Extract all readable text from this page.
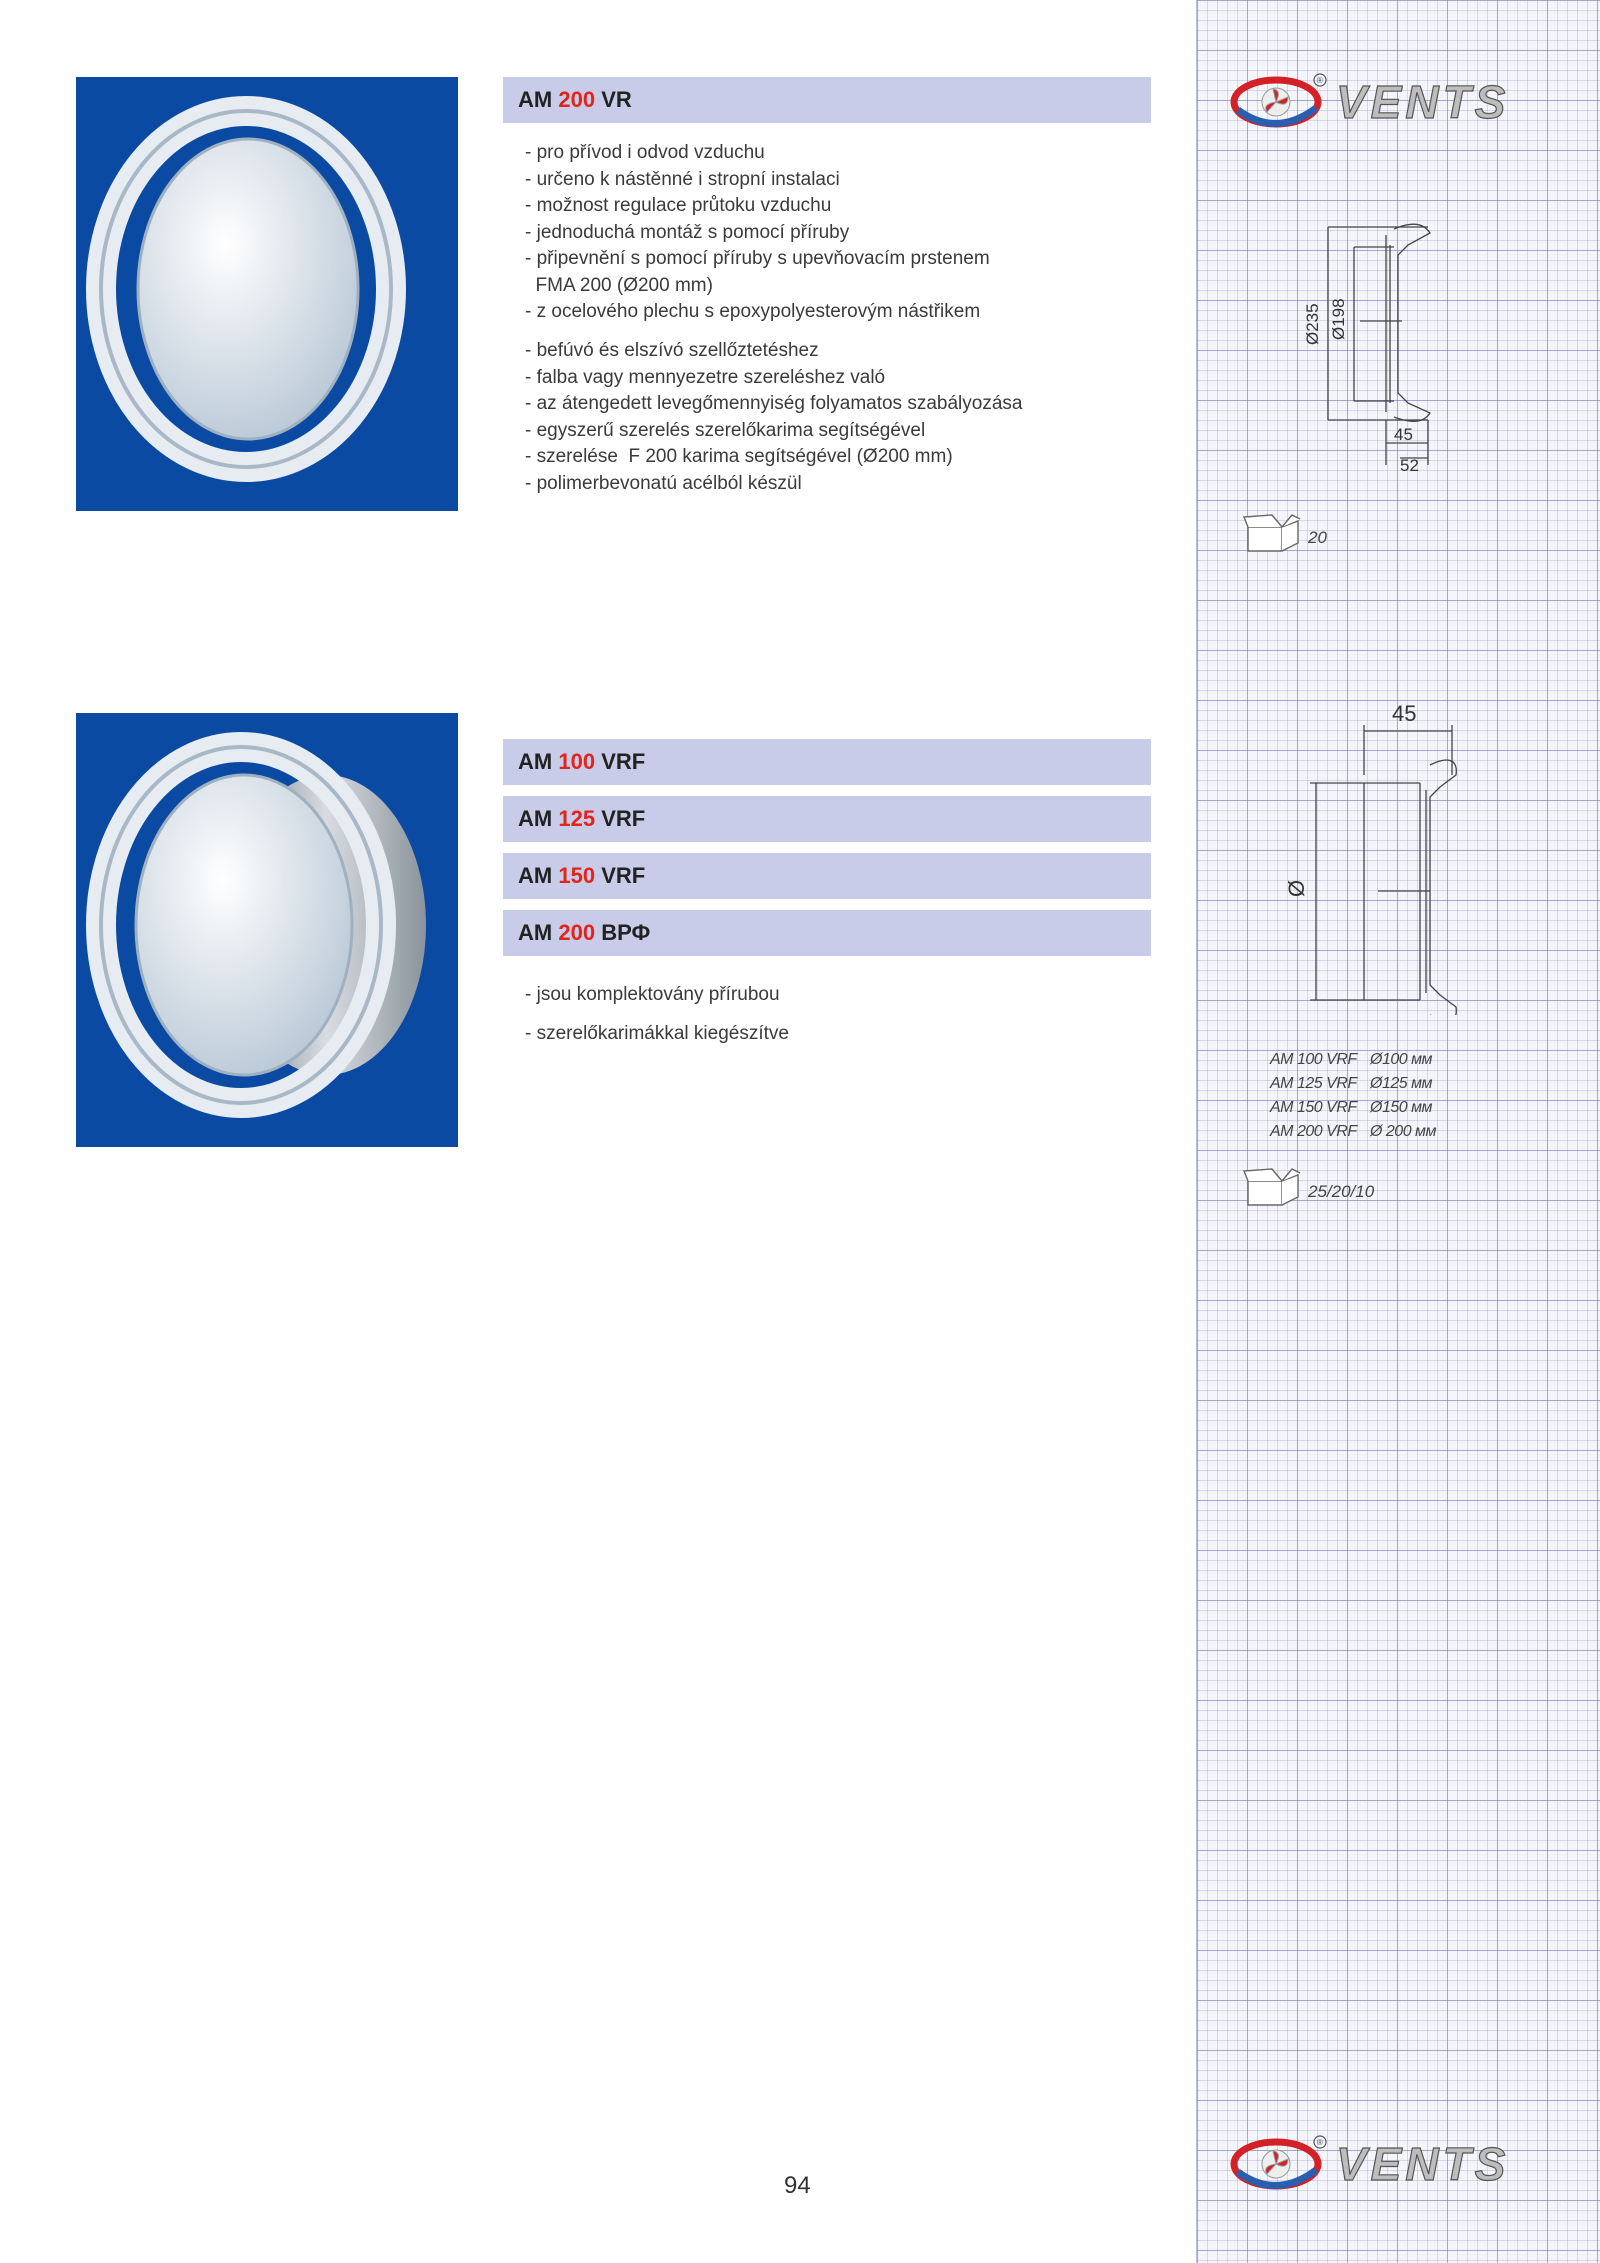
® VENTS
AM 200 VR
- pro přívod i odvod vzduchu
- určeno k nástěnné i stropní instalaci
- možnost regulace průtoku vzduchu
- jednoduchá montáž s pomocí příruby
- připevnění s pomocí příruby s upevňovacím prstenem
FMA 200 (Ø200 mm)
- z ocelového plechu s epoxypolyesterovým nástřikem
- befúvó és elszívó szellőztetéshez
- falba vagy mennyezetre szereléshez való
- az átengedett levegőmennyiség folyamatos szabályozása
- egyszerű szerelés szerelőkarima segítségével
- szerelése  F 200 karima segítségével (Ø200 mm)
- polimerbevonatú acélból készül
Ø235 Ø198
45
52
20
AM 100 VRF
AM 125 VRF
AM 150 VRF
AM 200 ВРФ
- jsou komplektovány přírubou
- szerelőkarimákkal kiegészítve
45
Ø
AM 100 VRF Ø100 мм
AM 125 VRF Ø125 мм
AM 150 VRF Ø150 мм
AM 200 VRF Ø 200 мм
25/20/10
® VENTS
94
